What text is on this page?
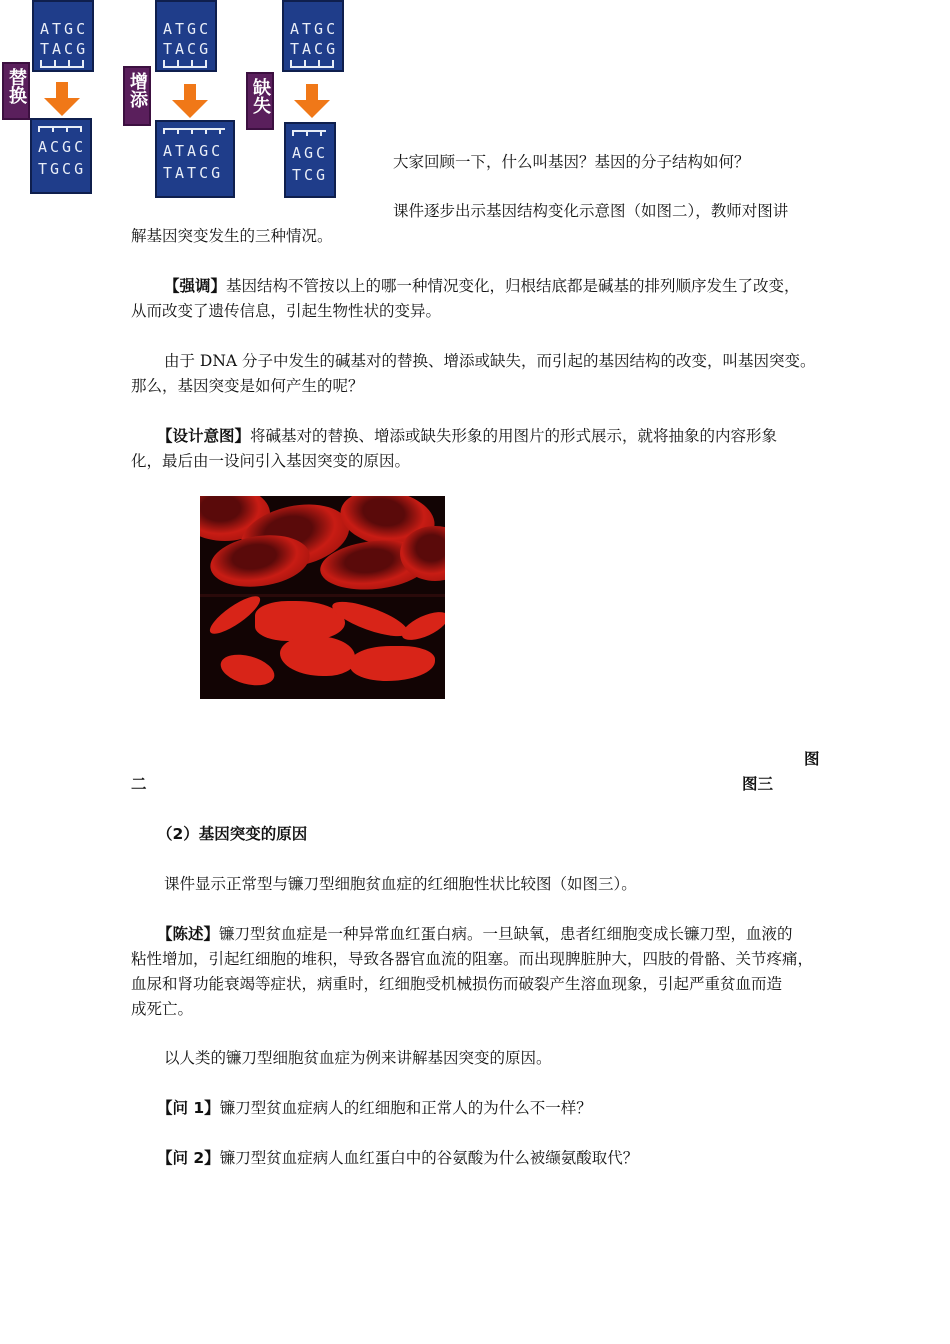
ATGC
TACG
替换
ACGC
TGCG
ATGC
TACG
增添
ATAGC
TATCG
ATGC
TACG
缺失
AGC
TCG
大家回顾一下，什么叫基因？基因的分子结构如何？
课件逐步出示基因结构变化示意图（如图二），教师对图讲
解基因突变发生的三种情况。
【强调】基因结构不管按以上的哪一种情况变化，归根结底都是碱基的排列顺序发生了改变，
从而改变了遗传信息，引起生物性状的变异。
由于 DNA 分子中发生的碱基对的替换、增添或缺失，而引起的基因结构的改变，叫基因突变。
那么，基因突变是如何产生的呢？
【设计意图】将碱基对的替换、增添或缺失形象的用图片的形式展示，就将抽象的内容形象
化，最后由一设问引入基因突变的原因。
图
二	图三
（2）基因突变的原因
课件显示正常型与镰刀型细胞贫血症的红细胞性状比较图（如图三）。
【陈述】镰刀型贫血症是一种异常血红蛋白病。一旦缺氧，患者红细胞变成长镰刀型，血液的
粘性增加，引起红细胞的堆积，导致各器官血流的阻塞。而出现脾脏肿大，四肢的骨骼、关节疼痛，
血尿和肾功能衰竭等症状，病重时，红细胞受机械损伤而破裂产生溶血现象，引起严重贫血而造
成死亡。
以人类的镰刀型细胞贫血症为例来讲解基因突变的原因。
【问 1】镰刀型贫血症病人的红细胞和正常人的为什么不一样？
【问 2】镰刀型贫血症病人血红蛋白中的谷氨酸为什么被缬氨酸取代？
